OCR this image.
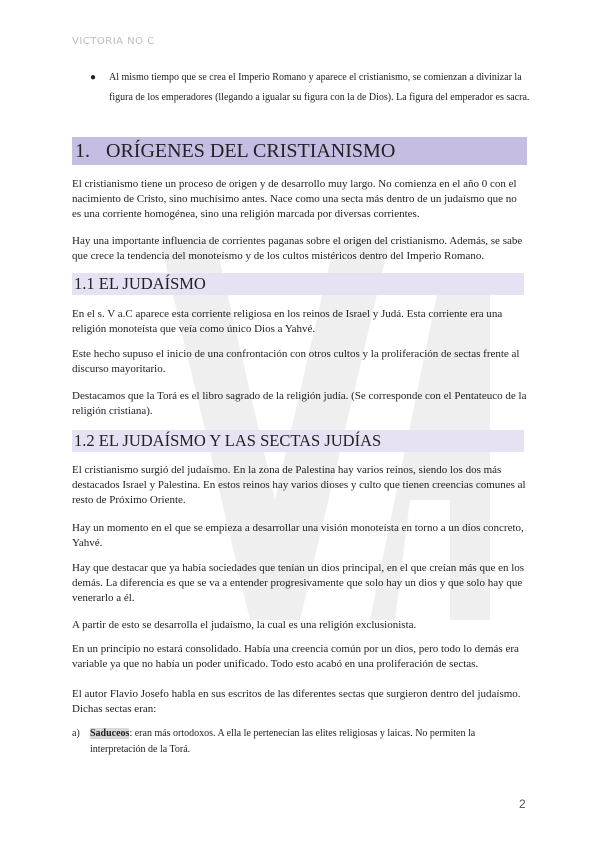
VICTORIA NO C
● Al mismo tiempo que se crea el Imperio Romano y aparece el cristianismo, se comienzan a divinizar la figura de los emperadores (llegando a igualar su figura con la de Dios). La figura del emperador es sacra.
1. ORÍGENES DEL CRISTIANISMO
El cristianismo tiene un proceso de origen y de desarrollo muy largo. No comienza en el año 0 con el nacimiento de Cristo, sino muchísimo antes. Nace como una secta más dentro de un judaísmo que no es una corriente homogénea, sino una religión marcada por diversas corrientes.
Hay una importante influencia de corrientes paganas sobre el origen del cristianismo. Además, se sabe que crece la tendencia del monoteísmo y de los cultos mistéricos dentro del Imperio Romano.
1.1 EL JUDAÍSMO
En el s. V a.C aparece esta corriente religiosa en los reinos de Israel y Judá. Esta corriente era una religión monoteísta que veía como único Dios a Yahvé.
Este hecho supuso el inicio de una confrontación con otros cultos y la proliferación de sectas frente al discurso mayoritario.
Destacamos que la Torá es el libro sagrado de la religión judía. (Se corresponde con el Pentateuco de la religión cristiana).
1.2 EL JUDAÍSMO Y LAS SECTAS JUDÍAS
El cristianismo surgió del judaísmo. En la zona de Palestina hay varios reinos, siendo los dos más destacados Israel y Palestina. En estos reinos hay varios dioses y culto que tienen creencias comunes al resto de Próximo Oriente.
Hay un momento en el que se empieza a desarrollar una visión monoteísta en torno a un dios concreto, Yahvé.
Hay que destacar que ya había sociedades que tenían un dios principal, en el que creían más que en los demás. La diferencia es que se va a entender progresivamente que solo hay un dios y que solo hay que venerarlo a él.
A partir de esto se desarrolla el judaísmo, la cual es una religión exclusionista.
En un principio no estará consolidado. Había una creencia común por un dios, pero todo lo demás era variable ya que no había un poder unificado. Todo esto acabó en una proliferación de sectas.
El autor Flavio Josefo habla en sus escritos de las diferentes sectas que surgieron dentro del judaísmo. Dichas sectas eran:
a) Saduceos: eran más ortodoxos. A ella le pertenecían las elites religiosas y laicas. No permiten la interpretación de la Torá.
2
